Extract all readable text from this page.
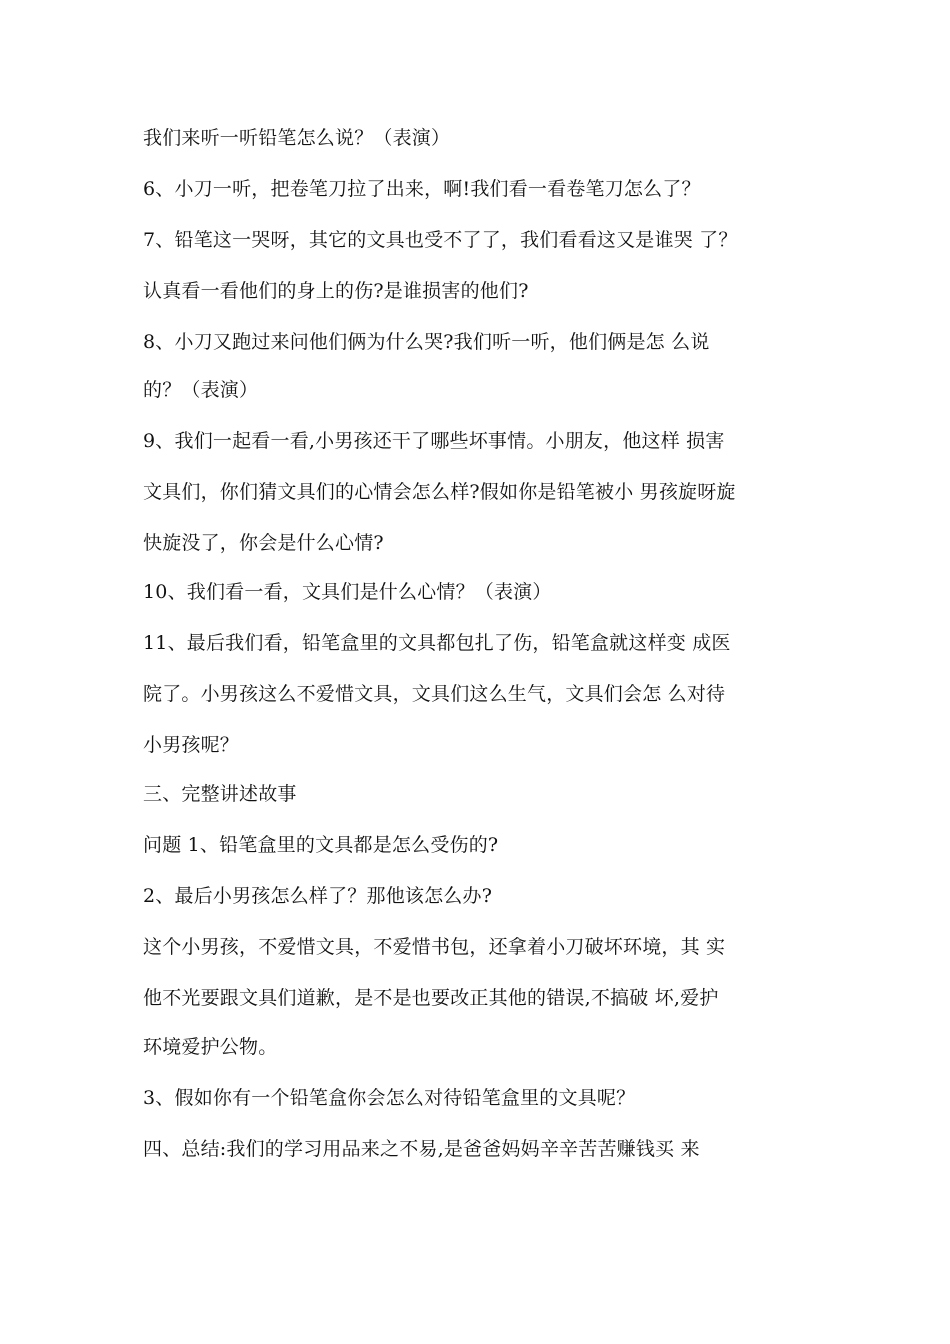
我们来听一听铅笔怎么说？（表演）
6、小刀一听，把卷笔刀拉了出来，啊!我们看一看卷笔刀怎么了？
7、铅笔这一哭呀，其它的文具也受不了了，我们看看这又是谁哭 了？
认真看一看他们的身上的伤?是谁损害的他们?
8、小刀又跑过来问他们俩为什么哭?我们听一听，他们俩是怎 么说
的？（表演）
9、我们一起看一看,小男孩还干了哪些坏事情。小朋友，他这样 损害
文具们，你们猜文具们的心情会怎么样?假如你是铅笔被小 男孩旋呀旋
快旋没了，你会是什么心情?
10、我们看一看，文具们是什么心情？（表演）
11、最后我们看，铅笔盒里的文具都包扎了伤，铅笔盒就这样变 成医
院了。小男孩这么不爱惜文具，文具们这么生气，文具们会怎 么对待
小男孩呢？
三、完整讲述故事
问题 1、铅笔盒里的文具都是怎么受伤的?
2、最后小男孩怎么样了？那他该怎么办?
这个小男孩，不爱惜文具，不爱惜书包，还拿着小刀破坏环境，其 实
他不光要跟文具们道歉，是不是也要改正其他的错误,不搞破 坏,爱护
环境爱护公物。
3、假如你有一个铅笔盒你会怎么对待铅笔盒里的文具呢？
四、总结:我们的学习用品来之不易,是爸爸妈妈辛辛苦苦赚钱买 来
